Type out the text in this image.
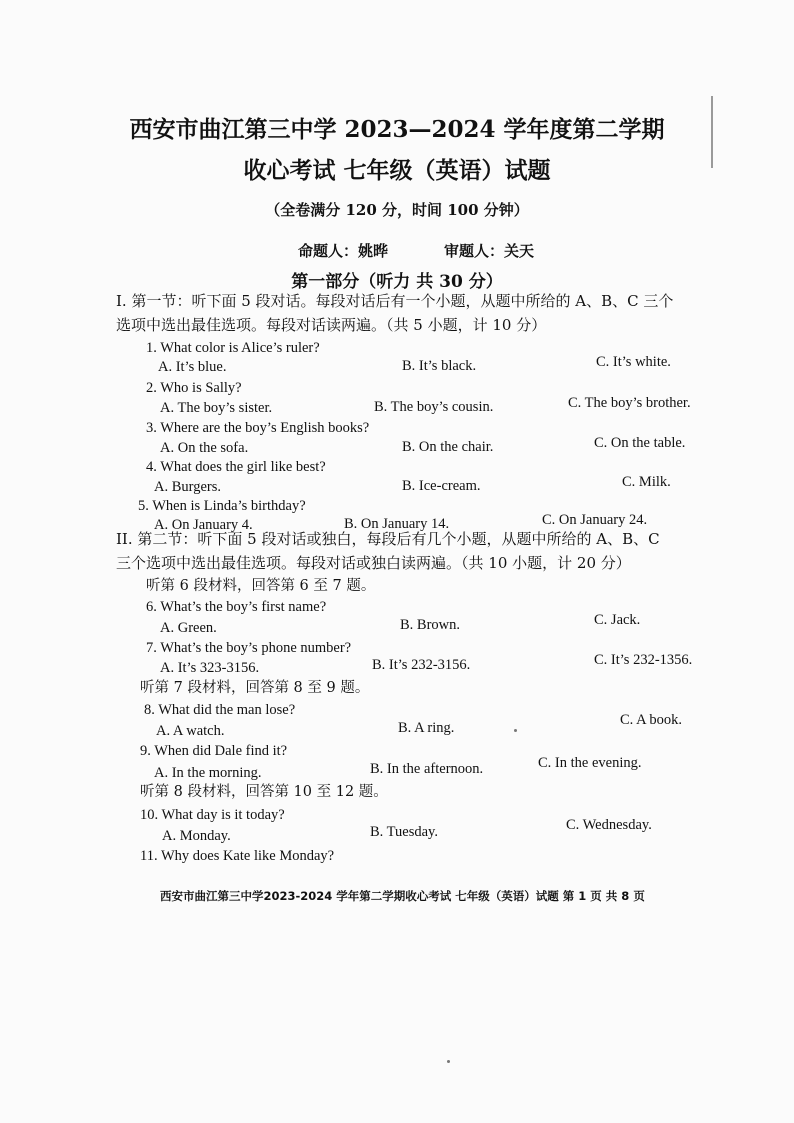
西安市曲江第三中学 2023—2024 学年度第二学期
收心考试 七年级（英语）试题
（全卷满分 120 分，时间 100 分钟）
命题人：姚晔	审题人：关天
第一部分（听力 共 30 分）
I. 第一节：听下面 5 段对话。每段对话后有一个小题，从题中所给的 A、B、C 三个
选项中选出最佳选项。每段对话读两遍。（共 5 小题，计 10 分）
1. What color is Alice’s ruler?
A. It’s blue.	B. It’s black.	C. It’s white.
2. Who is Sally?
A. The boy’s sister.	B. The boy’s cousin.	C. The boy’s brother.
3. Where are the boy’s English books?
A. On the sofa.	B. On the chair.	C. On the table.
4. What does the girl like best?
A. Burgers.	B. Ice-cream.	C. Milk.
5. When is Linda’s birthday?
A. On January 4.	B. On January 14.	C. On January 24.
II. 第二节：听下面 5 段对话或独白，每段后有几个小题，从题中所给的 A、B、C
三个选项中选出最佳选项。每段对话或独白读两遍。（共 10 小题，计 20 分）
听第 6 段材料，回答第 6 至 7 题。
6. What’s the boy’s first name?
A. Green.	B. Brown.	C. Jack.
7. What’s the boy’s phone number?
A. It’s 323-3156.	B. It’s 232-3156.	C. It’s 232-1356.
听第 7 段材料，回答第 8 至 9 题。
8. What did the man lose?
A. A watch.	B. A ring.	C. A book.
9. When did Dale find it?
A. In the morning.	B. In the afternoon.	C. In the evening.
听第 8 段材料，回答第 10 至 12 题。
10. What day is it today?
A. Monday.	B. Tuesday.	C. Wednesday.
11. Why does Kate like Monday?
西安市曲江第三中学2023-2024 学年第二学期收心考试 七年级（英语）试题 第 1 页 共 8 页
